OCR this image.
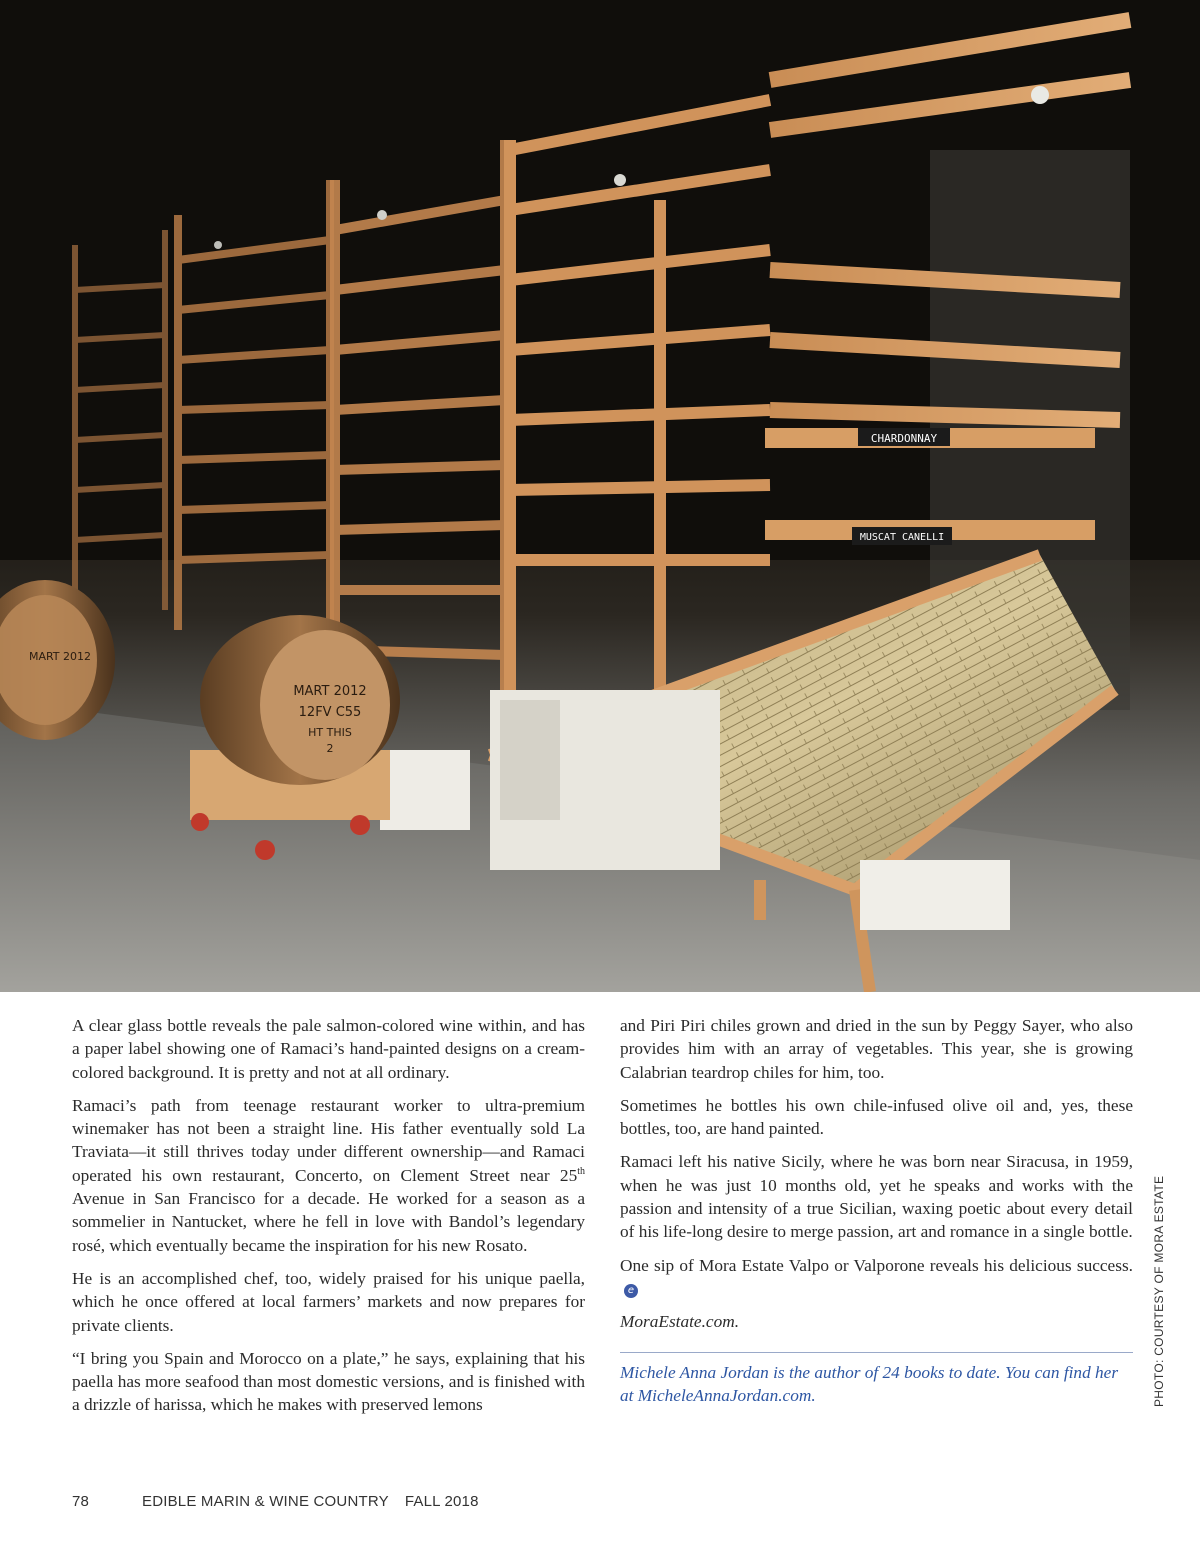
CHARDONNAY
MUSCAT CANELLI
MART 2012
MART 2012
12FV C55
HT THIS
2

A clear glass bottle reveals the pale salmon-colored wine within, and has a paper label showing one of Ramaci’s hand-painted designs on a cream-colored background. It is pretty and not at all ordinary.

Ramaci’s path from teenage restaurant worker to ultra-premium winemaker has not been a straight line. His father eventually sold La Traviata—it still thrives today under different ownership—and Ramaci operated his own restaurant, Concerto, on Clement Street near 25th Avenue in San Francisco for a decade. He worked for a season as a sommelier in Nantucket, where he fell in love with Bandol’s legendary rosé, which eventually became the inspiration for his new Rosato.

He is an accomplished chef, too, widely praised for his unique paella, which he once offered at local farmers’ markets and now prepares for private clients.

“I bring you Spain and Morocco on a plate,” he says, explaining that his paella has more seafood than most domestic versions, and is finished with a drizzle of harissa, which he makes with preserved lemons

and Piri Piri chiles grown and dried in the sun by Peggy Sayer, who also provides him with an array of vegetables. This year, she is growing Calabrian teardrop chiles for him, too.

Sometimes he bottles his own chile-infused olive oil and, yes, these bottles, too, are hand painted.

Ramaci left his native Sicily, where he was born near Siracusa, in 1959, when he was just 10 months old, yet he speaks and works with the passion and intensity of a true Sicilian, waxing poetic about every detail of his life-long desire to merge passion, art and romance in a single bottle.

One sip of Mora Estate Valpo or Valporone reveals his delicious success.e

MoraEstate.com.

Michele Anna Jordan is the author of 24 books to date. You can find her at MicheleAnnaJordan.com.	PHOTO: COURTESY OF MORA ESTATE
78	EDIBLE MARIN & WINE COUNTRY FALL 2018
